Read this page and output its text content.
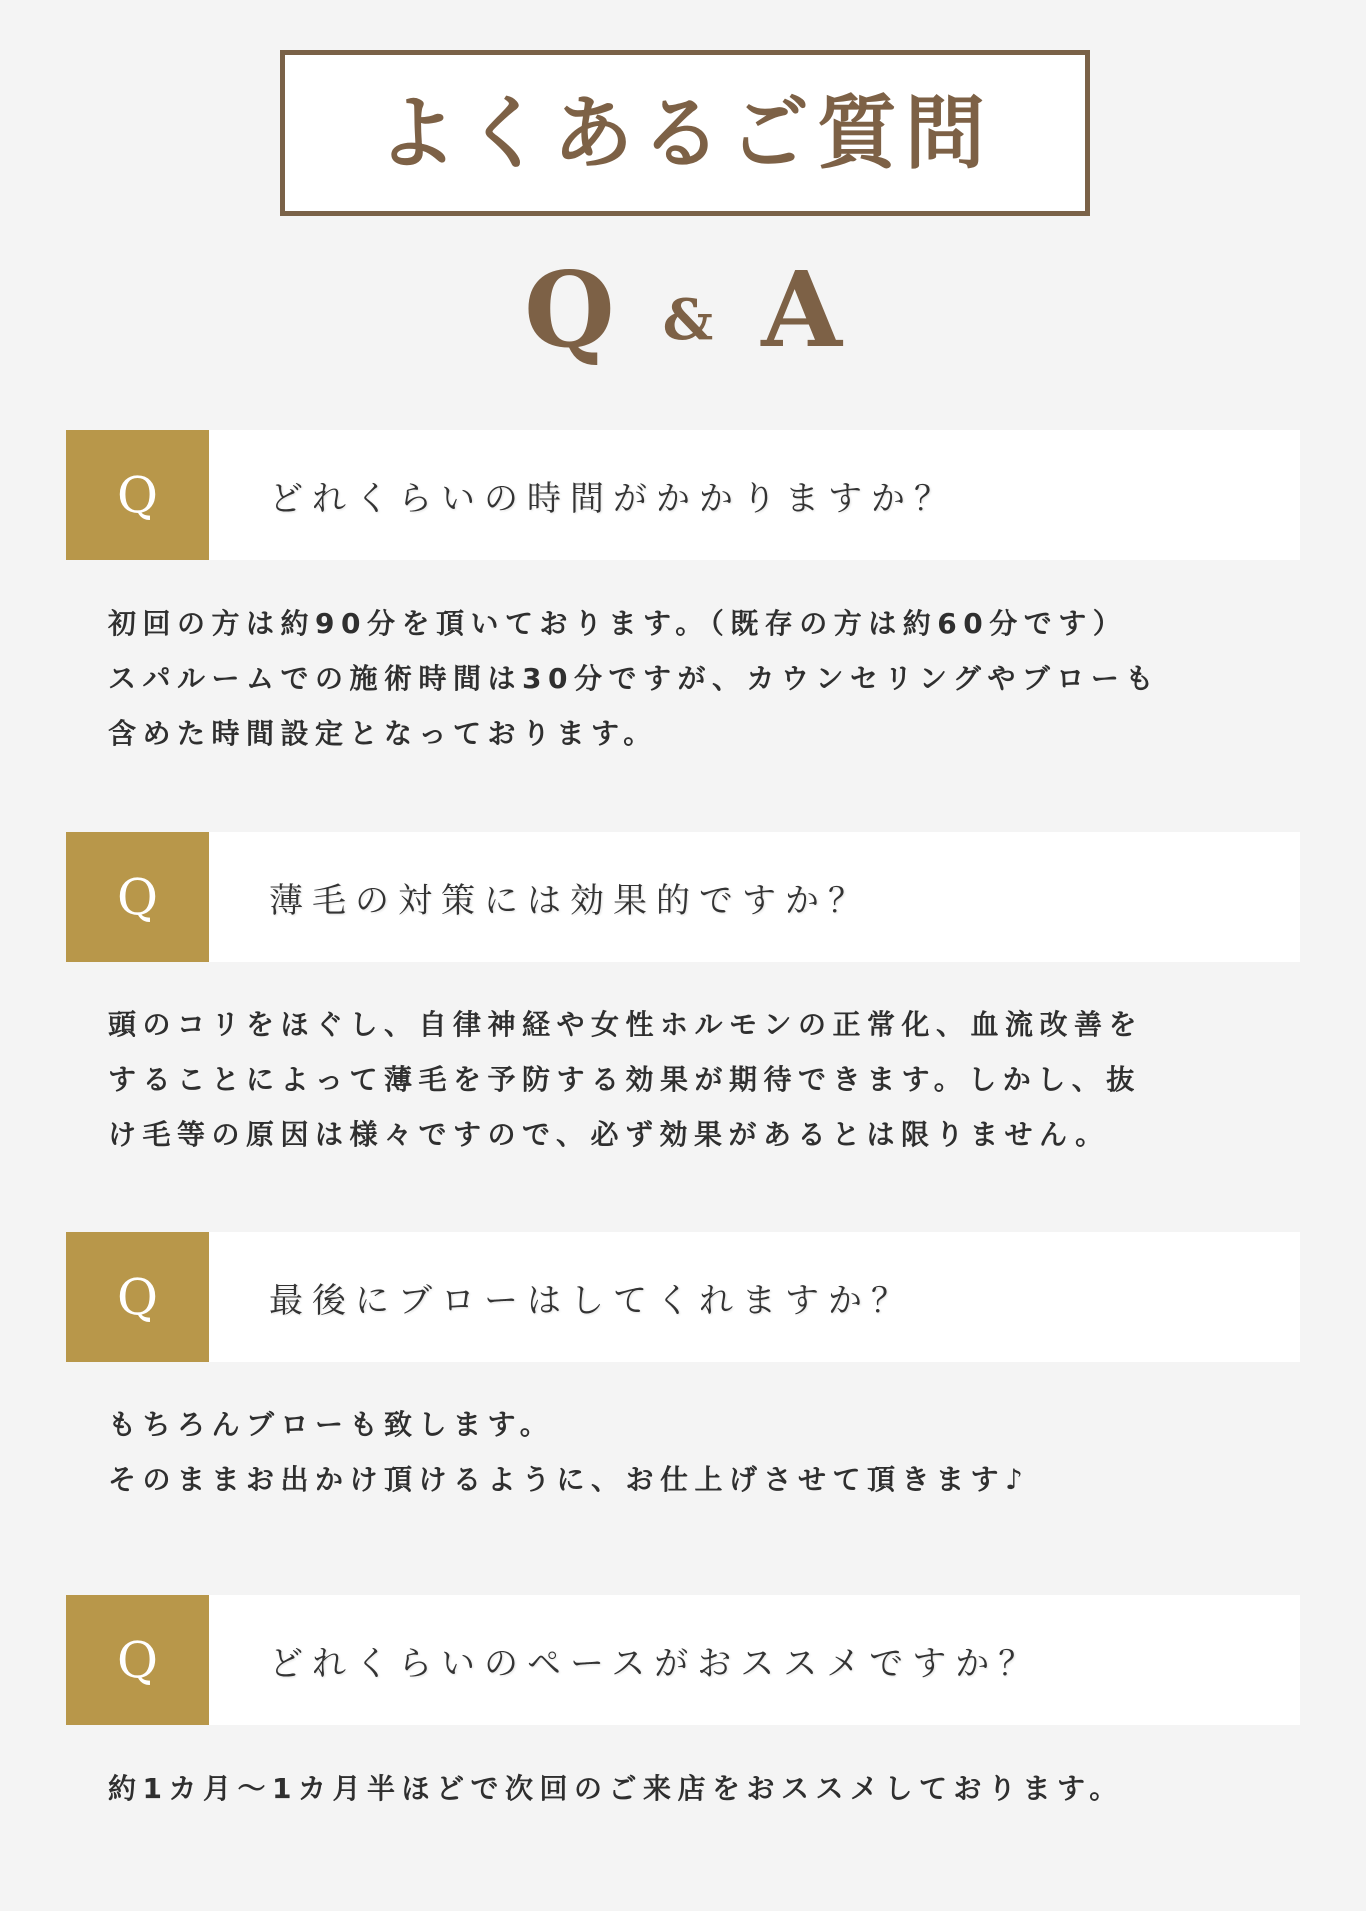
よくあるご質問
Q & A
Q	どれくらいの時間がかかりますか？
初回の方は約90分を頂いております。（既存の方は約60分です）
スパルームでの施術時間は30分ですが、カウンセリングやブローも
含めた時間設定となっております。
Q	薄毛の対策には効果的ですか？
頭のコリをほぐし、自律神経や女性ホルモンの正常化、血流改善を
することによって薄毛を予防する効果が期待できます。しかし、抜
け毛等の原因は様々ですので、必ず効果があるとは限りません。
Q	最後にブローはしてくれますか？
もちろんブローも致します。
そのままお出かけ頂けるように、お仕上げさせて頂きます♪
Q	どれくらいのペースがおススメですか？
約1カ月〜1カ月半ほどで次回のご来店をおススメしております。
